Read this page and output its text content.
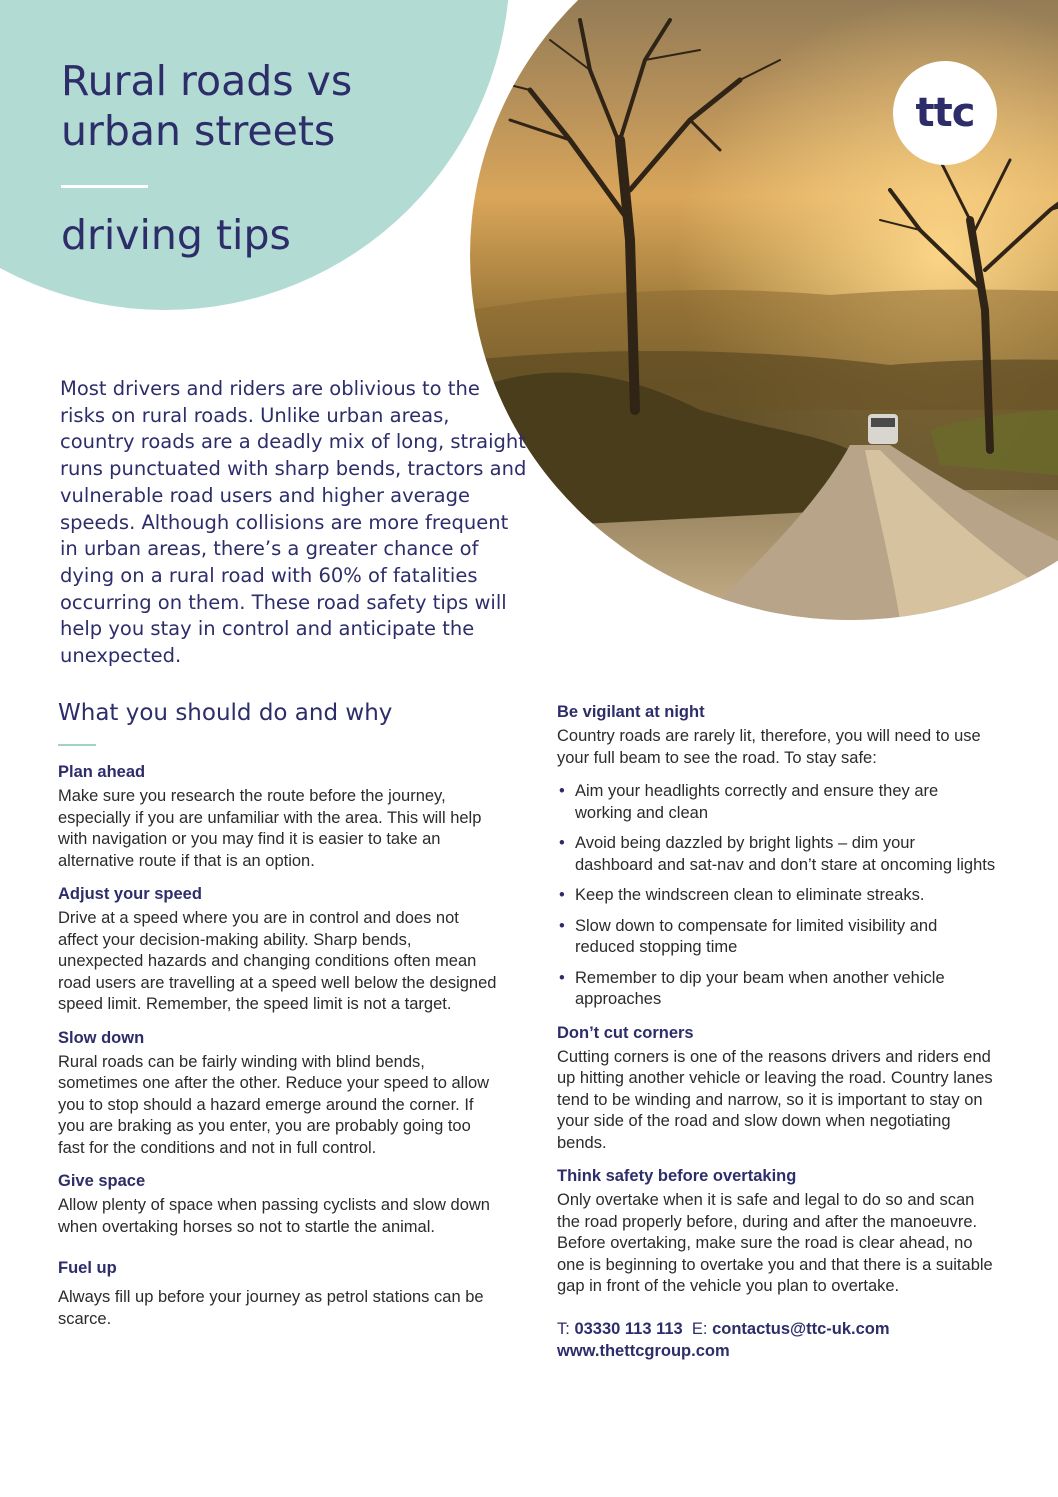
Rural roads vs
urban streets
driving tips
ttc

Most drivers and riders are oblivious to the risks on rural roads. Unlike urban areas, country roads are a deadly mix of long, straight runs punctuated with sharp bends, tractors and vulnerable road users and higher average speeds. Although collisions are more frequent in urban areas, there’s a greater chance of dying on a rural road with 60% of fatalities occurring on them. These road safety tips will help you stay in control and anticipate the unexpected.

What you should do and why
Plan ahead

Make sure you research the route before the journey, especially if you are unfamiliar with the area. This will help with navigation or you may find it is easier to take an alternative route if that is an option.

Adjust your speed

Drive at a speed where you are in control and does not affect your decision-making ability. Sharp bends, unexpected hazards and changing conditions often mean road users are travelling at a speed well below the designed speed limit. Remember, the speed limit is not a target.

Slow down

Rural roads can be fairly winding with blind bends, sometimes one after the other. Reduce your speed to allow you to stop should a hazard emerge around the corner. If you are braking as you enter, you are probably going too fast for the conditions and not in full control.

Give space

Allow plenty of space when passing cyclists and slow down when overtaking horses so not to startle the animal.

Fuel up

Always fill up before your journey as petrol stations can be scarce.

Be vigilant at night

Country roads are rarely lit, therefore, you will need to use your full beam to see the road. To stay safe:

• Aim your headlights correctly and ensure they are working and clean
• Avoid being dazzled by bright lights – dim your dashboard and sat-nav and don’t stare at oncoming lights
• Keep the windscreen clean to eliminate streaks.
• Slow down to compensate for limited visibility and reduced stopping time
• Remember to dip your beam when another vehicle approaches
Don’t cut corners

Cutting corners is one of the reasons drivers and riders end up hitting another vehicle or leaving the road. Country lanes tend to be winding and narrow, so it is important to stay on your side of the road and slow down when negotiating bends.

Think safety before overtaking

Only overtake when it is safe and legal to do so and scan the road properly before, during and after the manoeuvre. Before overtaking, make sure the road is clear ahead, no one is beginning to overtake you and that there is a suitable gap in front of the vehicle you plan to overtake.

T: 03330 113 113 E: contactus@ttc-uk.com
www.thettcgroup.com
